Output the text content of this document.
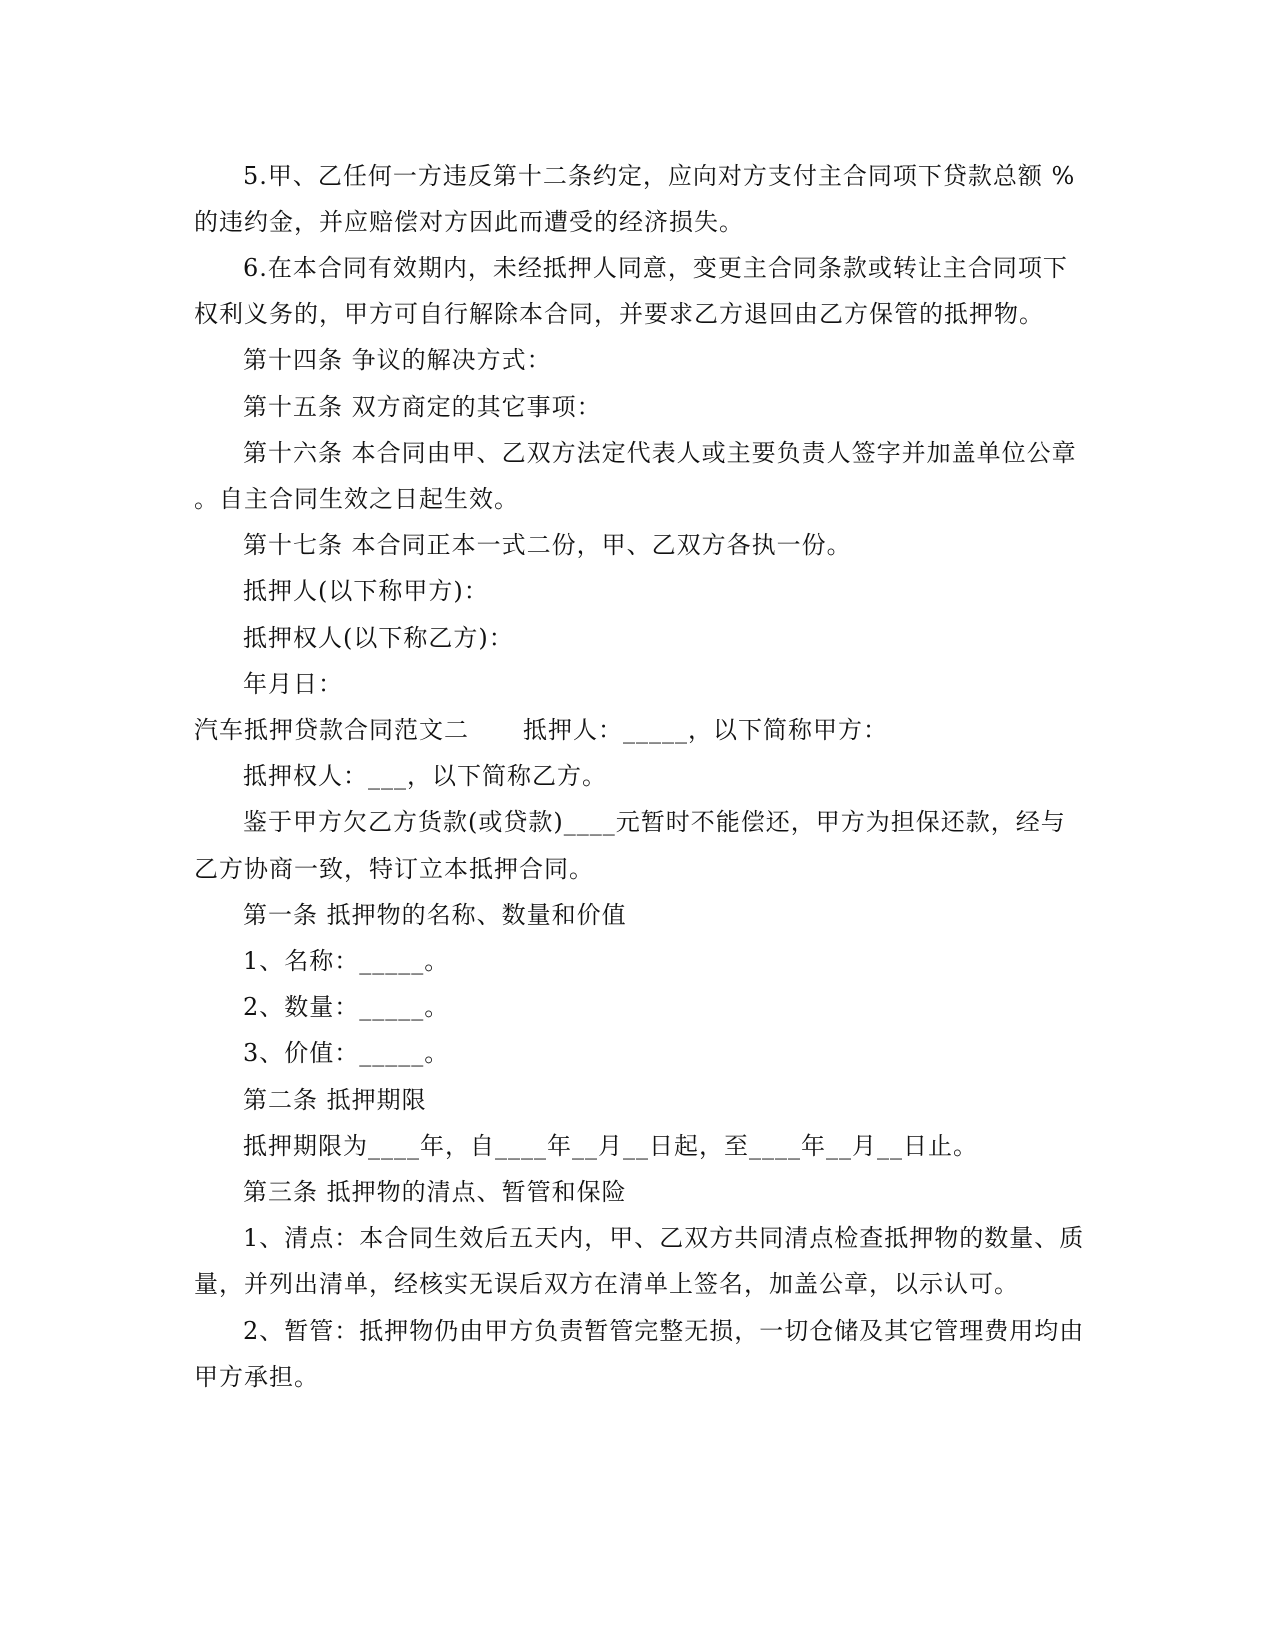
5.甲、乙任何一方违反第十二条约定，应向对方支付主合同项下贷款总额 %
的违约金，并应赔偿对方因此而遭受的经济损失。
6.在本合同有效期内，未经抵押人同意，变更主合同条款或转让主合同项下
权利义务的，甲方可自行解除本合同，并要求乙方退回由乙方保管的抵押物。
第十四条 争议的解决方式：
第十五条 双方商定的其它事项：
第十六条 本合同由甲、乙双方法定代表人或主要负责人签字并加盖单位公章
。自主合同生效之日起生效。
第十七条 本合同正本一式二份，甲、乙双方各执一份。
抵押人(以下称甲方)：
抵押权人(以下称乙方)：
年月日：
汽车抵押贷款合同范文二 抵押人：_____，以下简称甲方：
抵押权人：___，以下简称乙方。
鉴于甲方欠乙方货款(或贷款)____元暂时不能偿还，甲方为担保还款，经与
乙方协商一致，特订立本抵押合同。
第一条 抵押物的名称、数量和价值
1、名称：_____。
2、数量：_____。
3、价值：_____。
第二条 抵押期限
抵押期限为____年，自____年__月__日起，至____年__月__日止。
第三条 抵押物的清点、暂管和保险
1、清点：本合同生效后五天内，甲、乙双方共同清点检查抵押物的数量、质
量，并列出清单，经核实无误后双方在清单上签名，加盖公章，以示认可。
2、暂管：抵押物仍由甲方负责暂管完整无损，一切仓储及其它管理费用均由
甲方承担。
